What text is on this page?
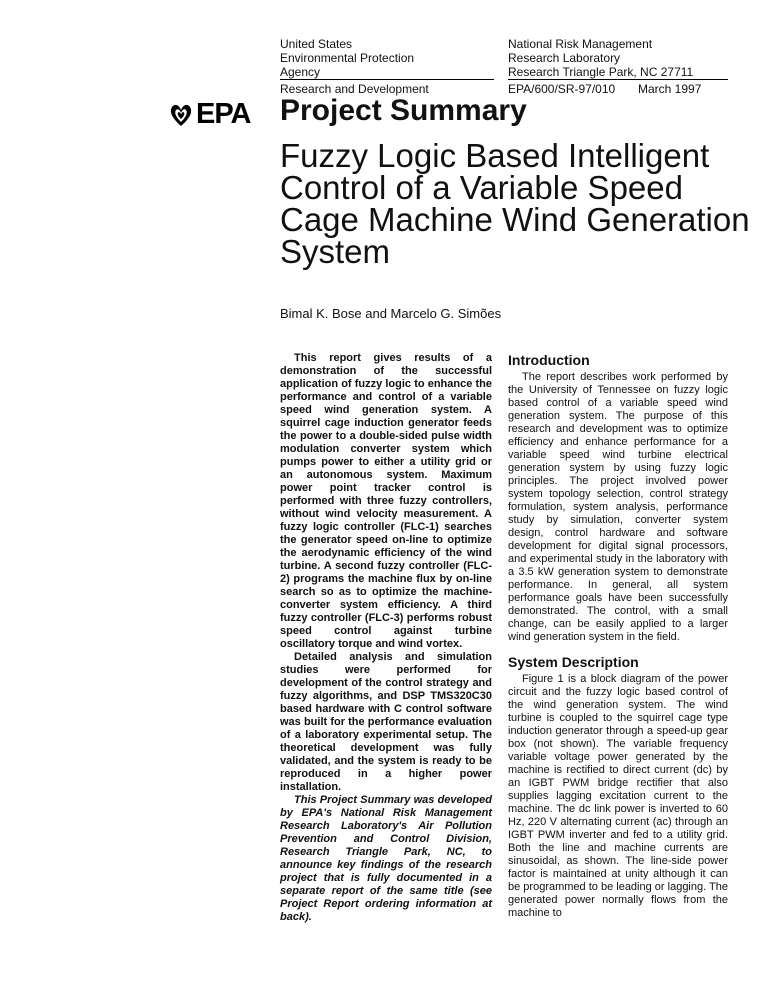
United States
Environmental Protection
Agency
National Risk Management
Research Laboratory
Research Triangle Park, NC 27711
Research and Development	EPA/600/SR-97/010 March 1997
EPA Project Summary
Fuzzy Logic Based Intelligent
Control of a Variable Speed
Cage Machine Wind Generation
System
Bimal K. Bose and Marcelo G. Simões

This report gives results of a demonstration of the successful application of fuzzy logic to enhance the performance and control of a variable speed wind generation system. A squirrel cage induction generator feeds the power to a double-sided pulse width modulation converter system which pumps power to either a utility grid or an autonomous system. Maximum power point tracker control is performed with three fuzzy controllers, without wind velocity measurement. A fuzzy logic controller (FLC-1) searches the generator speed on-line to optimize the aerodynamic efficiency of the wind turbine. A second fuzzy controller (FLC-2) programs the machine flux by on-line search so as to optimize the machine-converter system efficiency. A third fuzzy controller (FLC-3) performs robust speed control against turbine oscillatory torque and wind vortex.

Detailed analysis and simulation studies were performed for development of the control strategy and fuzzy algorithms, and DSP TMS320C30 based hardware with C control software was built for the performance evaluation of a laboratory experimental setup. The theoretical development was fully validated, and the system is ready to be reproduced in a higher power installation.

This Project Summary was developed by EPA's National Risk Management Research Laboratory's Air Pollution Prevention and Control Division, Research Triangle Park, NC, to announce key findings of the research project that is fully documented in a separate report of the same title (see Project Report ordering information at back).

Introduction

The report describes work performed by the University of Tennessee on fuzzy logic based control of a variable speed wind generation system. The purpose of this research and development was to optimize efficiency and enhance performance for a variable speed wind turbine electrical generation system by using fuzzy logic principles. The project involved power system topology selection, control strategy formulation, system analysis, performance study by simulation, converter system design, control hardware and software development for digital signal processors, and experimental study in the laboratory with a 3.5 kW generation system to demonstrate performance. In general, all system performance goals have been successfully demonstrated. The control, with a small change, can be easily applied to a larger wind generation system in the field.

System Description

Figure 1 is a block diagram of the power circuit and the fuzzy logic based control of the wind generation system. The wind turbine is coupled to the squirrel cage type induction generator through a speed-up gear box (not shown). The variable frequency variable voltage power generated by the machine is rectified to direct current (dc) by an IGBT PWM bridge rectifier that also supplies lagging excitation current to the machine. The dc link power is inverted to 60 Hz, 220 V alternating current (ac) through an IGBT PWM inverter and fed to a utility grid. Both the line and machine currents are sinusoidal, as shown. The line-side power factor is maintained at unity although it can be programmed to be leading or lagging. The generated power normally flows from the machine to
